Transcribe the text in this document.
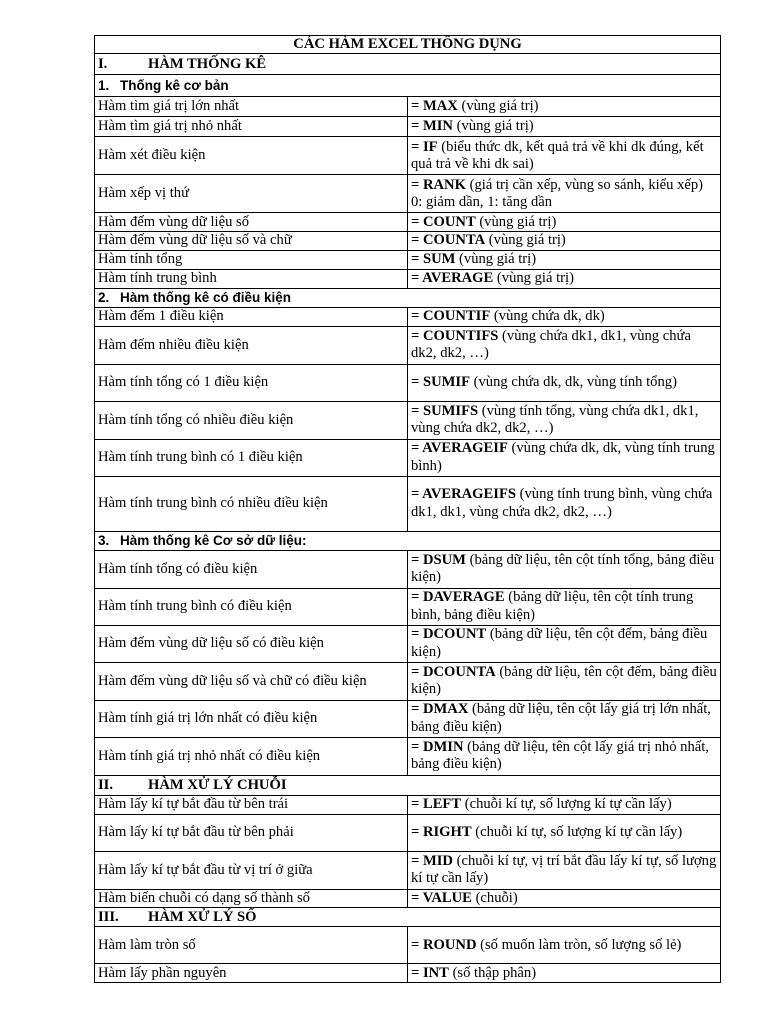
CÁC HÀM EXCEL THÔNG DỤNG	
I. HÀM THỐNG KÊ	
1. Thống kê cơ bản	
Hàm tìm giá trị lớn nhất	= MAX (vùng giá trị)
Hàm tìm giá trị nhỏ nhất	= MIN (vùng giá trị)
Hàm xét điều kiện	= IF (biểu thức dk, kết quả trả về khi dk đúng, kết quả trả về khi dk sai)
Hàm xếp vị thứ	= RANK (giá trị cần xếp, vùng so sánh, kiểu xếp) 0: giảm dần, 1: tăng dần
Hàm đếm vùng dữ liệu số	= COUNT (vùng giá trị)
Hàm đếm vùng dữ liệu số và chữ	= COUNTA (vùng giá trị)
Hàm tính tổng	= SUM (vùng giá trị)
Hàm tính trung bình	= AVERAGE (vùng giá trị)
2. Hàm thống kê có điều kiện	
Hàm đếm 1 điều kiện	= COUNTIF (vùng chứa dk, dk)
Hàm đếm nhiều điều kiện	= COUNTIFS (vùng chứa dk1, dk1, vùng chứa dk2, dk2, …)
Hàm tính tổng có 1 điều kiện	= SUMIF (vùng chứa dk, dk, vùng tính tổng)
Hàm tính tổng có nhiều điều kiện	= SUMIFS (vùng tính tổng, vùng chứa dk1, dk1, vùng chứa dk2, dk2, …)
Hàm tính trung bình có 1 điều kiện	= AVERAGEIF (vùng chứa dk, dk, vùng tính trung bình)
Hàm tính trung bình có nhiều điều kiện	= AVERAGEIFS (vùng tính trung bình, vùng chứa dk1, dk1, vùng chứa dk2, dk2, …)
3. Hàm thống kê Cơ sở dữ liệu:	
Hàm tính tổng có điều kiện	= DSUM (bảng dữ liệu, tên cột tính tổng, bảng điều kiện)
Hàm tính trung bình có điều kiện	= DAVERAGE (bảng dữ liệu, tên cột tính trung bình, bảng điều kiện)
Hàm đếm vùng dữ liệu số có điều kiện	= DCOUNT (bảng dữ liệu, tên cột đếm, bảng điều kiện)
Hàm đếm vùng dữ liệu số và chữ có điều kiện	= DCOUNTA (bảng dữ liệu, tên cột đếm, bảng điều kiện)
Hàm tính giá trị lớn nhất có điều kiện	= DMAX (bảng dữ liệu, tên cột lấy giá trị lớn nhất, bảng điều kiện)
Hàm tính giá trị nhỏ nhất có điều kiện	= DMIN (bảng dữ liệu, tên cột lấy giá trị nhỏ nhất, bảng điều kiện)
II. HÀM XỬ LÝ CHUỖI	
Hàm lấy kí tự bắt đầu từ bên trái	= LEFT (chuỗi kí tự, số lượng kí tự cần lấy)
Hàm lấy kí tự bắt đầu từ bên phải	= RIGHT (chuỗi kí tự, số lượng kí tự cần lấy)
Hàm lấy kí tự bắt đầu từ vị trí ở giữa	= MID (chuỗi kí tự, vị trí bắt đầu lấy kí tự, số lượng kí tự cần lấy)
Hàm biến chuỗi có dạng số thành số	= VALUE (chuỗi)
III. HÀM XỬ LÝ SỐ	
Hàm làm tròn số	= ROUND (số muốn làm tròn, số lượng số lẻ)
Hàm lấy phần nguyên	= INT (số thập phân)
